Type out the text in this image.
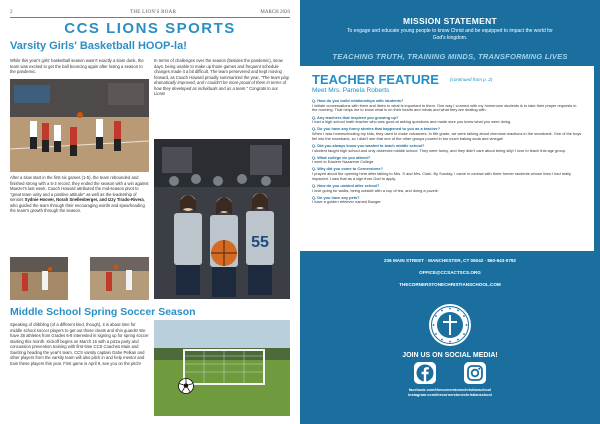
2	THE LION'S ROAR	MARCH 2020
CCS LIONS SPORTS
Varsity Girls' Basketball HOOP-la!
While this year's girls' basketball season wasn't exactly a slam dunk, the team was excited to get the ball bouncing again after losing a season to the pandemic.
After a slow start in the first six games (1-5), the team rebounded and finished strong with a 5-3 record, they ended the season with a win against Maezer's last week. Coach Howard attributed the mid-season pivot to "great team unity and a positive attitude" as well as the leadership of seniors Sydnie Hoover, Norah Snellenberger, and Izzy Tirado-Rivera, who guided the team through their encouraging words and spearheading the team's growth through the season.
In terms of challenges over the season (besides the pandemic), snow days, being unable to make up those games and frequent schedule changes made it a bit difficult. The team persevered and kept moving forward, as Coach Howard proudly summarized the year, "The team play, dramatically improved, and I couldn't be more proud of them in terms of how they developed as individuals and as a team." Congrats to our Lions!
55
Middle School Spring Soccer Season
Speaking of dribbling (of a different kind, though), it is about time for middle school soccer players to get out those cleats and shin guards! We have 38 athletes from Grades 6-8 interested in signing up for spring soccer starting this month. Kickoff begins on March 15 with a pizza party and concussion prevention training with first-time CCS Coaches Main and Suelzing heading the year's team. CCS varsity captain Gabe Pelkan and other players from the varsity team will also pitch in and help mentor and train these players this year. First game is April 9, see you on the pitch!
MISSION STATEMENT
To engage and educate young people to know Christ and be equipped to impact the world for God's kingdom.
TEACHING TRUTH, TRAINING MINDS, TRANSFORMING LIVES
TEACHER FEATURE (continued from p. 2)
Meet Mrs. Pamela Roberts
Q. How do you build relationships with students?
I initiate conversations with them and listen to what is important to them. One way I connect with my homeroom students is to take their prayer requests in the morning. That helps me to know what is on their hearts and minds and what they are dealing with.
Q. Any teachers that inspired you growing up?
I had a high school math teacher who was good at asking questions and made sure you knew what you were doing.
Q. Do you have any funny stories that happened to you as a teacher?
When I was homeschooling my kids, they used to make volcanoes. In 6th grade, we were talking about chemical reactions in the snowbank. One of the boys fell into the snowbank, so I didn't see that one of the other groups poured in too much baking soda and vinegar!
Q. Did you always know you wanted to teach middle school?
I student taught high school and only observed middle school. They were funny, and they didn't care about being silly! I love to teach this age group.
Q. What college do you attend?
I went to Eastern Nazarene College.
Q. Why did you come to Cornerstone?
I prayed about the opening here after talking to Mrs. S and Mrs. Clark. By Sunday, I came in contact with three former students whose lives I had really impacted. I saw that as a sign from God to apply.
Q. How do you unwind after school?
I love going for walks, being outside with a cup of tea, and doing a puzzle.
Q. Do you have any pets?
I have a golden retriever named Banger.
236 MAIN STREET · MANCHESTER, CT 06042 · 860-643-0792
OFFICE@CCSACTSCS.ORG
THECORNERSTONECHRISTIANSCHOOL.COM
JOIN US ON SOCIAL MEDIA!
facebook.com/thecornerstonechristianschool
instagram.com/thecornerstonechristianschool
